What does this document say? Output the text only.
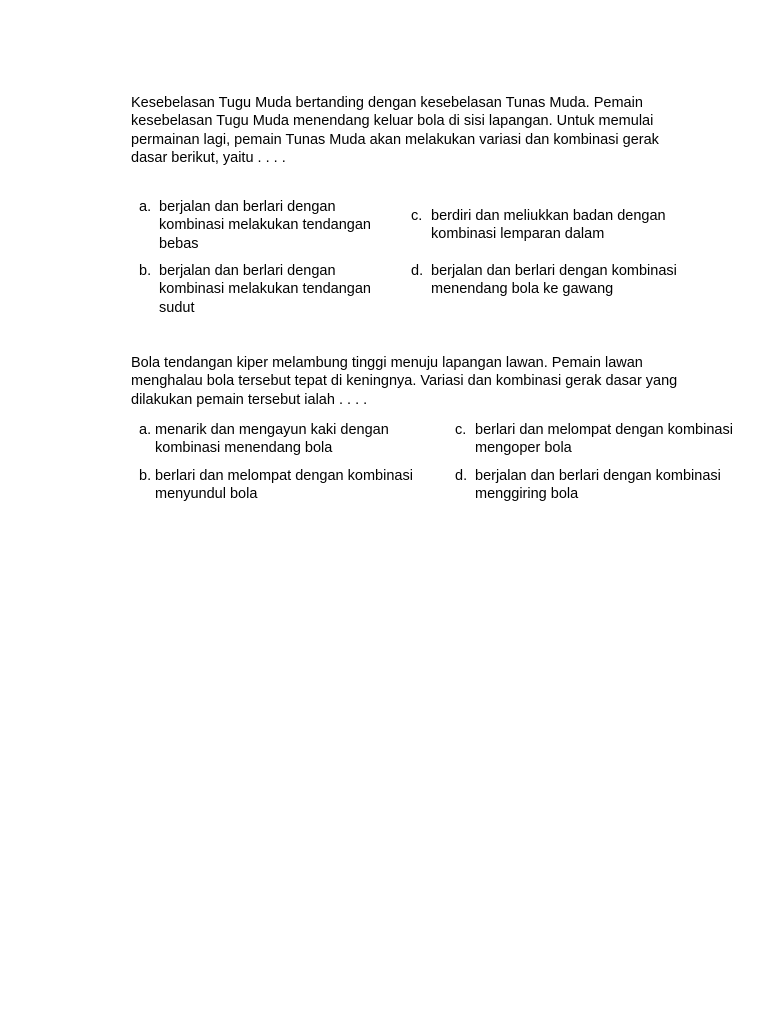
Kesebelasan Tugu Muda bertanding dengan kesebelasan Tunas Muda. Pemain kesebelasan Tugu Muda menendang keluar bola di sisi lapangan. Untuk memulai permainan lagi, pemain Tunas Muda akan melakukan variasi dan kombinasi gerak dasar berikut, yaitu . . . .

a. berjalan dan berlari dengan kombinasi melakukan tendangan bebas
c. berdiri dan meliukkan badan dengan kombinasi lemparan dalam
b. berjalan dan berlari dengan kombinasi melakukan tendangan sudut
d. berjalan dan berlari dengan kombinasi menendang bola ke gawang

Bola tendangan kiper melambung tinggi menuju lapangan lawan. Pemain lawan menghalau bola tersebut tepat di keningnya. Variasi dan kombinasi gerak dasar yang dilakukan pemain tersebut ialah . . . .

a. menarik dan mengayun kaki dengan kombinasi menendang bola
b. berlari dan melompat dengan kombinasi menyundul bola
c. berlari dan melompat dengan kombinasi mengoper bola
d. berjalan dan berlari dengan kombinasi menggiring bola
